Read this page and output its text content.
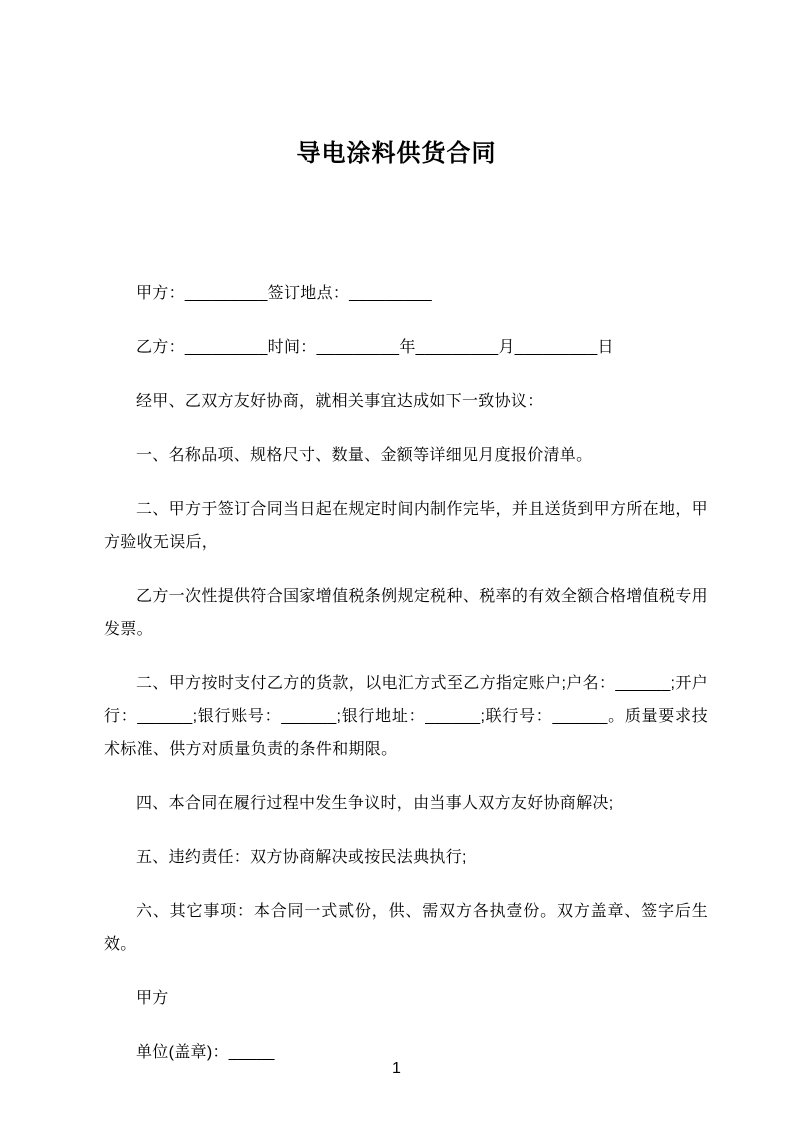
导电涂料供货合同

甲方：_________签订地点：_________

乙方：_________时间：_________年_________月_________日

经甲、乙双方友好协商，就相关事宜达成如下一致协议：

一、名称品项、规格尺寸、数量、金额等详细见月度报价清单。

二、甲方于签订合同当日起在规定时间内制作完毕，并且送货到甲方所在地，甲方验收无误后，

乙方一次性提供符合国家增值税条例规定税种、税率的有效全额合格增值税专用发票。

二、甲方按时支付乙方的货款，以电汇方式至乙方指定账户;户名：______;开户行：______;银行账号：______;银行地址：______;联行号：______。质量要求技术标准、供方对质量负责的条件和期限。

四、本合同在履行过程中发生争议时，由当事人双方友好协商解决;

五、违约责任：双方协商解决或按民法典执行;

六、其它事项：本合同一式贰份，供、需双方各执壹份。双方盖章、签字后生效。

甲方

单位(盖章)：_____

1
